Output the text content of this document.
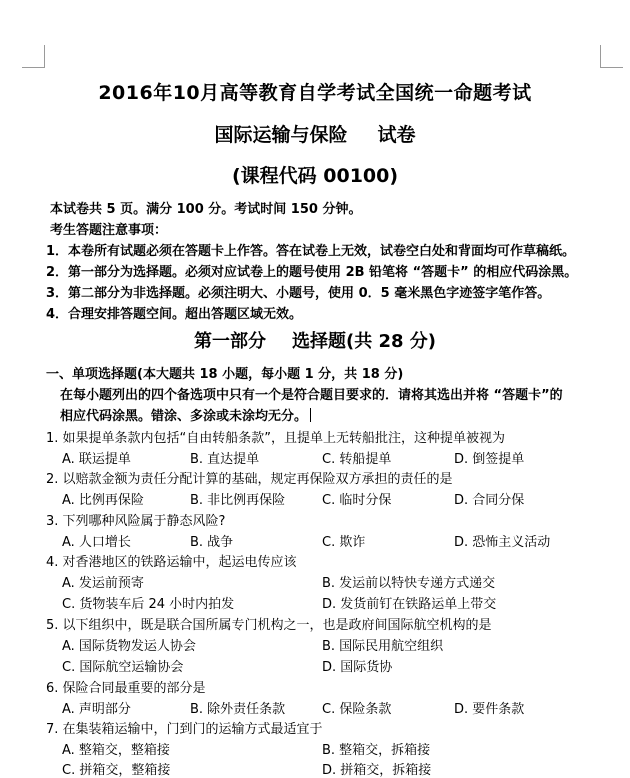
2016年10月高等教育自学考试全国统一命题考试
国际运输与保险 试卷
(课程代码 00100)
本试卷共 5 页。满分 100 分。考试时间 150 分钟。
考生答题注意事项：
1．本卷所有试题必须在答题卡上作答。答在试卷上无效，试卷空白处和背面均可作草稿纸。
2．第一部分为选择题。必须对应试卷上的题号使用 2B 铅笔将 “答题卡” 的相应代码涂黑。
3．第二部分为非选择题。必须注明大、小题号，使用 0．5 毫米黑色字迹签字笔作答。
4．合理安排答题空间。超出答题区域无效。
第一部分 选择题(共 28 分)
一、单项选择题(本大题共 18 小题，每小题 1 分，共 18 分)
在每小题列出的四个备选项中只有一个是符合题目要求的．请将其选出并将 “答题卡”的
相应代码涂黑。错涂、多涂或未涂均无分。
1. 如果提单条款内包括“自由转船条款”，且提单上无转船批注，这种提单被视为
A. 联运提单	B. 直达提单	C. 转船提单	D. 倒签提单
2. 以赔款金额为责任分配计算的基础，规定再保险双方承担的责任的是
A. 比例再保险	B. 非比例再保险	C. 临时分保	D. 合同分保
3. 下列哪种风险属于静态风险?
A. 人口增长	B. 战争	C. 欺诈	D. 恐怖主义活动
4. 对香港地区的铁路运输中，起运电传应该
A. 发运前预寄	B. 发运前以特快专递方式递交
C. 货物装车后 24 小时内拍发	D. 发货前钉在铁路运单上带交
5. 以下组织中，既是联合国所属专门机构之一，也是政府间国际航空机构的是
A. 国际货物发运人协会	B. 国际民用航空组织
C. 国际航空运输协会	D. 国际货协
6. 保险合同最重要的部分是
A. 声明部分	B. 除外责任条款	C. 保险条款	D. 要件条款
7. 在集装箱运输中，门到门的运输方式最适宜于
A. 整箱交，整箱接	B. 整箱交，拆箱接
C. 拼箱交，整箱接	D. 拼箱交，拆箱接
